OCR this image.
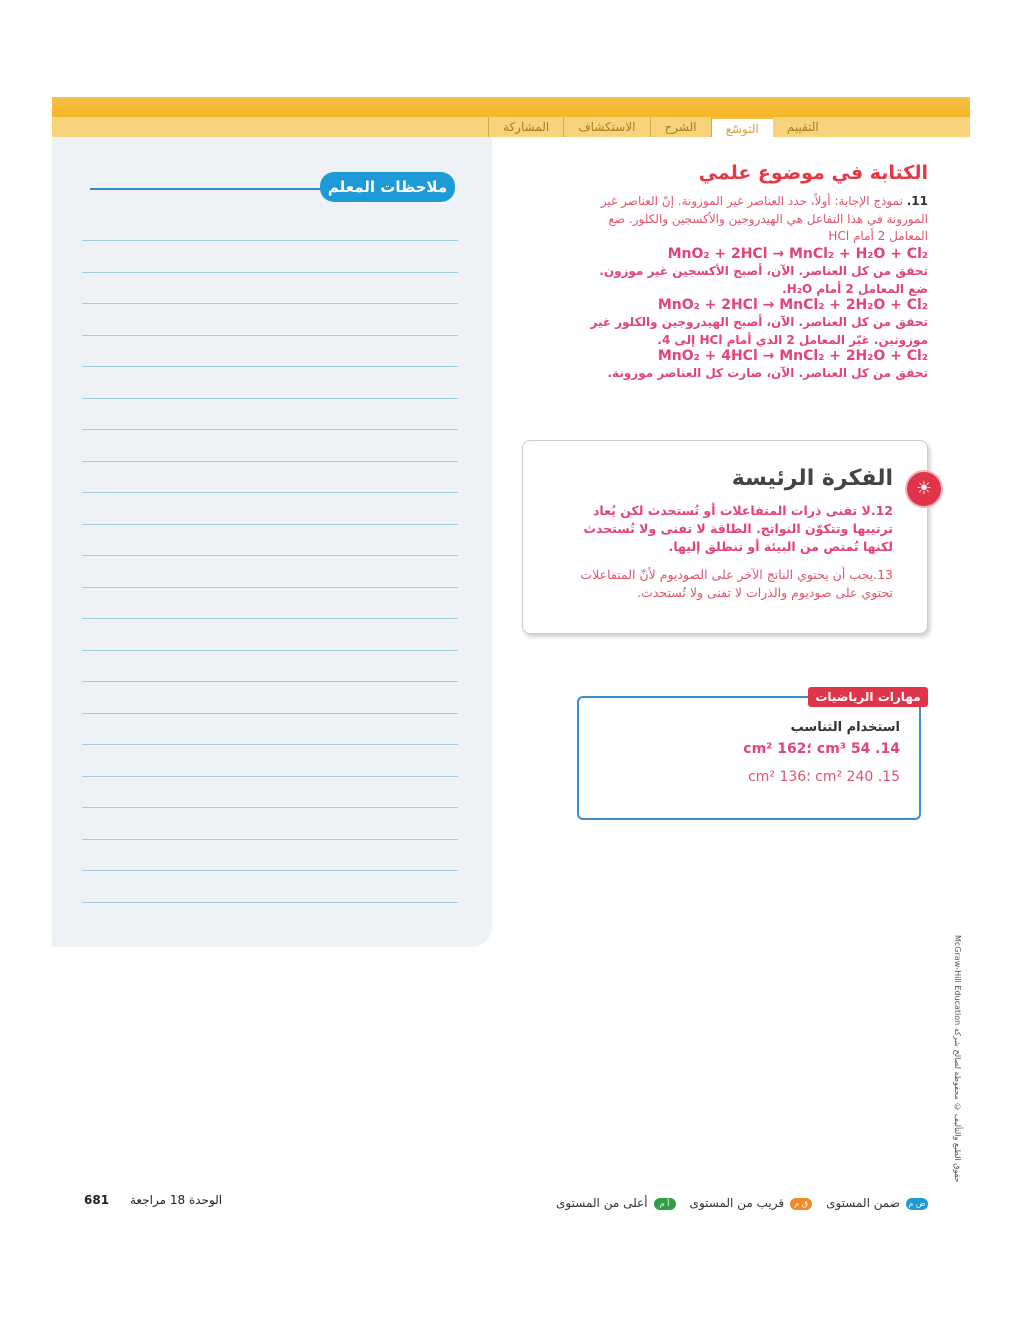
المشاركة	الاستكشاف	الشرح	التوسّع	التقييم
ملاحظات المعلم
الكتابة في موضوع علمي
11. نموذج الإجابة: أولاً، حدد العناصر غير الموزونة. إنّ العناصر غير الموزونة في هذا التفاعل هي الهيدروجين والأكسجين والكلور. ضع المعامل 2 أمام HCl
MnO₂ + 2HCl → MnCl₂ + H₂O + Cl₂
تحقق من كل العناصر. الآن، أصبح الأكسجين غير موزون. ضع المعامل 2 أمام H₂O.
MnO₂ + 2HCl → MnCl₂ + 2H₂O + Cl₂
تحقق من كل العناصر. الآن، أصبح الهيدروجين والكلور غير موزونين. غيّر المعامل 2 الذي أمام HCl إلى 4.
MnO₂ + 4HCl → MnCl₂ + 2H₂O + Cl₂
تحقق من كل العناصر. الآن، صارت كل العناصر موزونة.
☀
الفكرة الرئيسة
12.لا تفنى ذرات المتفاعلات أو تُستحدث لكن يُعاد ترتيبها وتتكوّن النواتج. الطاقة لا تفنى ولا تُستحدث لكنها تُمتص من البيئة أو تنطلق إليها.
13.يجب أن يحتوي الناتج الآخر على الصوديوم لأنّ المتفاعلات تحتوي على صوديوم والذرات لا تفنى ولا تُستحدث.
مهارات الرياضيات
استخدام التناسب
14. 54 cm³ ؛162 cm²
15. 240 cm² ؛136 cm²
McGraw-Hill Education حقوق الطبع والتأليف © محفوظة لصالح شركة
681 الوحدة 18 مراجعة	ض مضمن المستوى
ق مقريب من المستوى
أ مأعلى من المستوى
